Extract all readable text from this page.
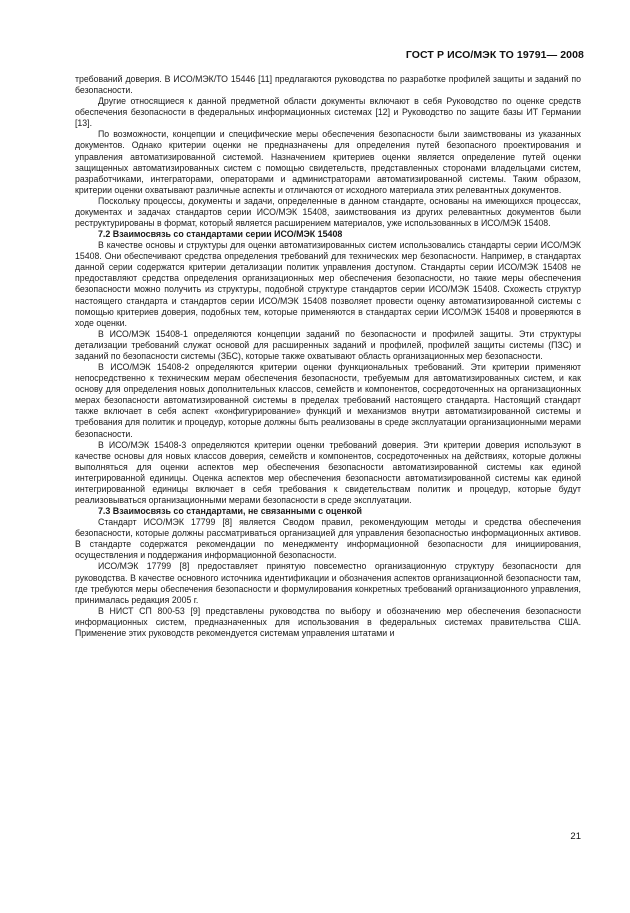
ГОСТ Р ИСО/МЭК ТО 19791— 2008

требований доверия. В ИСО/МЭК/ТО 15446 [11] предлагаются руководства по разработке профилей защиты и заданий по безопасности.

Другие относящиеся к данной предметной области документы включают в себя Руководство по оценке средств обеспечения безопасности в федеральных информационных системах [12] и Руководство по защите базы ИТ Германии [13].

По возможности, концепции и специфические меры обеспечения безопасности были заимствованы из указанных документов. Однако критерии оценки не предназначены для определения путей безопасного проектирования и управления автоматизированной системой. Назначением критериев оценки является определение путей оценки защищенных автоматизированных систем с помощью свидетельств, представленных сторонами владельцами систем, разработчиками, интеграторами, операторами и администраторами автоматизированной системы. Таким образом, критерии оценки охватывают различные аспекты и отличаются от исходного материала этих релевантных документов.

Поскольку процессы, документы и задачи, определенные в данном стандарте, основаны на имеющихся процессах, документах и задачах стандартов серии ИСО/МЭК 15408, заимствования из других релевантных документов были реструктурированы в формат, который является расширением материалов, уже использованных в ИСО/МЭК 15408.

7.2 Взаимосвязь со стандартами серии ИСО/МЭК 15408

В качестве основы и структуры для оценки автоматизированных систем использовались стандарты серии ИСО/МЭК 15408. Они обеспечивают средства определения требований для технических мер безопасности. Например, в стандартах данной серии содержатся критерии детализации политик управления доступом. Стандарты серии ИСО/МЭК 15408 не предоставляют средства определения организационных мер обеспечения безопасности, но такие меры обеспечения безопасности можно получить из структуры, подобной структуре стандартов серии ИСО/МЭК 15408. Схожесть структур настоящего стандарта и стандартов серии ИСО/МЭК 15408 позволяет провести оценку автоматизированной системы с помощью критериев доверия, подобных тем, которые применяются в стандартах серии ИСО/МЭК 15408 и проверяются в ходе оценки.

В ИСО/МЭК 15408-1 определяются концепции заданий по безопасности и профилей защиты. Эти структуры детализации требований служат основой для расширенных заданий и профилей, профилей защиты системы (ПЗС) и заданий по безопасности системы (ЗБС), которые также охватывают область организационных мер безопасности.

В ИСО/МЭК 15408-2 определяются критерии оценки функциональных требований. Эти критерии применяют непосредственно к техническим мерам обеспечения безопасности, требуемым для автоматизированных систем, и как основу для определения новых дополнительных классов, семейств и компонентов, сосредоточенных на организационных мерах безопасности автоматизированной системы в пределах требований настоящего стандарта. Настоящий стандарт также включает в себя аспект «конфигурирование» функций и механизмов внутри автоматизированной системы и требования для политик и процедур, которые должны быть реализованы в среде эксплуатации организационными мерами безопасности.

В ИСО/МЭК 15408-3 определяются критерии оценки требований доверия. Эти критерии доверия используют в качестве основы для новых классов доверия, семейств и компонентов, сосредоточенных на действиях, которые должны выполняться для оценки аспектов мер обеспечения безопасности автоматизированной системы как единой интегрированной единицы. Оценка аспектов мер обеспечения безопасности автоматизированной системы как единой интегрированной единицы включает в себя требования к свидетельствам политик и процедур, которые будут реализовываться организационными мерами безопасности в среде эксплуатации.

7.3 Взаимосвязь со стандартами, не связанными с оценкой

Стандарт ИСО/МЭК 17799 [8] является Сводом правил, рекомендующим методы и средства обеспечения безопасности, которые должны рассматриваться организацией для управления безопасностью информационных активов. В стандарте содержатся рекомендации по менеджменту информационной безопасности для инициирования, осуществления и поддержания информационной безопасности.

ИСО/МЭК 17799 [8] предоставляет принятую повсеместно организационную структуру безопасности для руководства. В качестве основного источника идентификации и обозначения аспектов организационной безопасности там, где требуются меры обеспечения безопасности и формулирования конкретных требований организационного управления, принималась редакция 2005 г.

В НИСТ СП 800-53 [9] представлены руководства по выбору и обозначению мер обеспечения безопасности информационных систем, предназначенных для использования в федеральных системах правительства США. Применение этих руководств рекомендуется системам управления штатами и

21
